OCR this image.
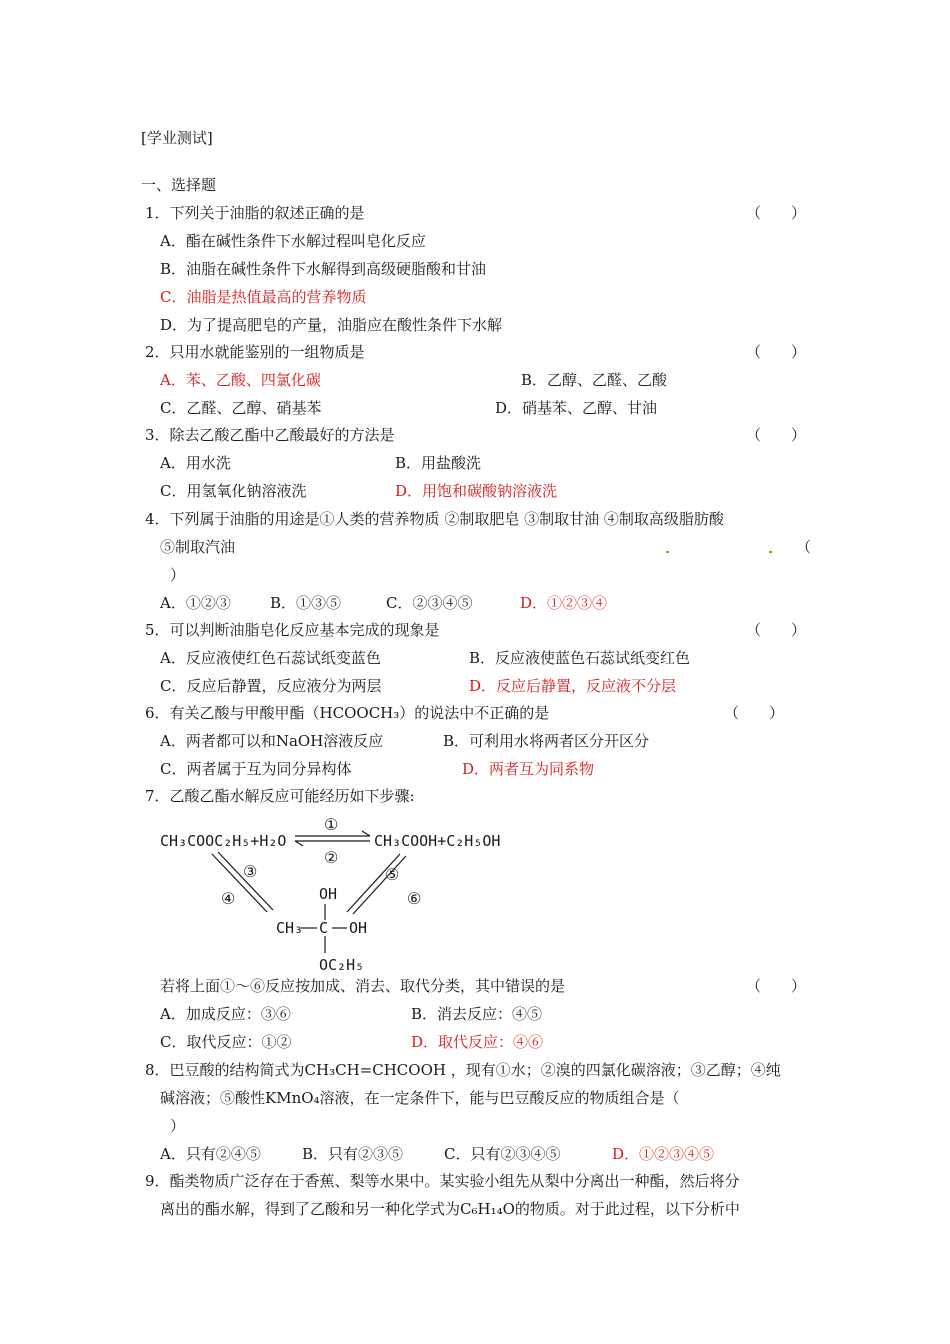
[学业测试]
一、选择题
1．下列关于油脂的叙述正确的是	（　　）
A．酯在碱性条件下水解过程叫皂化反应
B．油脂在碱性条件下水解得到高级硬脂酸和甘油
C．油脂是热值最高的营养物质
D．为了提高肥皂的产量，油脂应在酸性条件下水解
2．只用水就能鉴别的一组物质是	（　　）
A．苯、乙酸、四氯化碳	B．乙醇、乙醛、乙酸
C．乙醛、乙醇、硝基苯	D．硝基苯、乙醇、甘油
3．除去乙酸乙酯中乙酸最好的方法是	（　　）
A．用水洗	B．用盐酸洗
C．用氢氧化钠溶液洗	D．用饱和碳酸钠溶液洗
4．下列属于油脂的用途是①人类的营养物质 ②制取肥皂 ③制取甘油 ④制取高级脂肪酸
⑤制取汽油	（
）
A．①②③	B．①③⑤	C．②③④⑤	D．①②③④
5．可以判断油脂皂化反应基本完成的现象是	（　　）
A．反应液使红色石蕊试纸变蓝色	B．反应液使蓝色石蕊试纸变红色
C．反应后静置，反应液分为两层	D．反应后静置，反应液不分层
6．有关乙酸与甲酸甲酯（HCOOCH₃）的说法中不正确的是	（　　）
A．两者都可以和NaOH溶液反应	B．可利用水将两者区分开区分
C．两者属于互为同分异构体	D．两者互为同系物
7．乙酸乙酯水解反应可能经历如下步骤:
CH₃COOC₂H₅+H₂O	CH₃COOH+C₂H₅OH
①
②
③
④
⑤
⑥
OH
CH₃ C OH
OC₂H₅
若将上面①～⑥反应按加成、消去、取代分类，其中错误的是	（　　）
A．加成反应：③⑥	B．消去反应：④⑤
C．取代反应：①②	D．取代反应：④⑥
8．巴豆酸的结构简式为CH₃CH=CHCOOH ，现有①水；②溴的四氯化碳溶液；③乙醇；④纯
碱溶液；⑤酸性KMnO₄溶液，在一定条件下，能与巴豆酸反应的物质组合是（
）
A．只有②④⑤	B．只有②③⑤	C．只有②③④⑤	D．①②③④⑤
9．酯类物质广泛存在于香蕉、梨等水果中。某实验小组先从梨中分离出一种酯，然后将分
离出的酯水解，得到了乙酸和另一种化学式为C₆H₁₄O的物质。对于此过程，以下分析中
